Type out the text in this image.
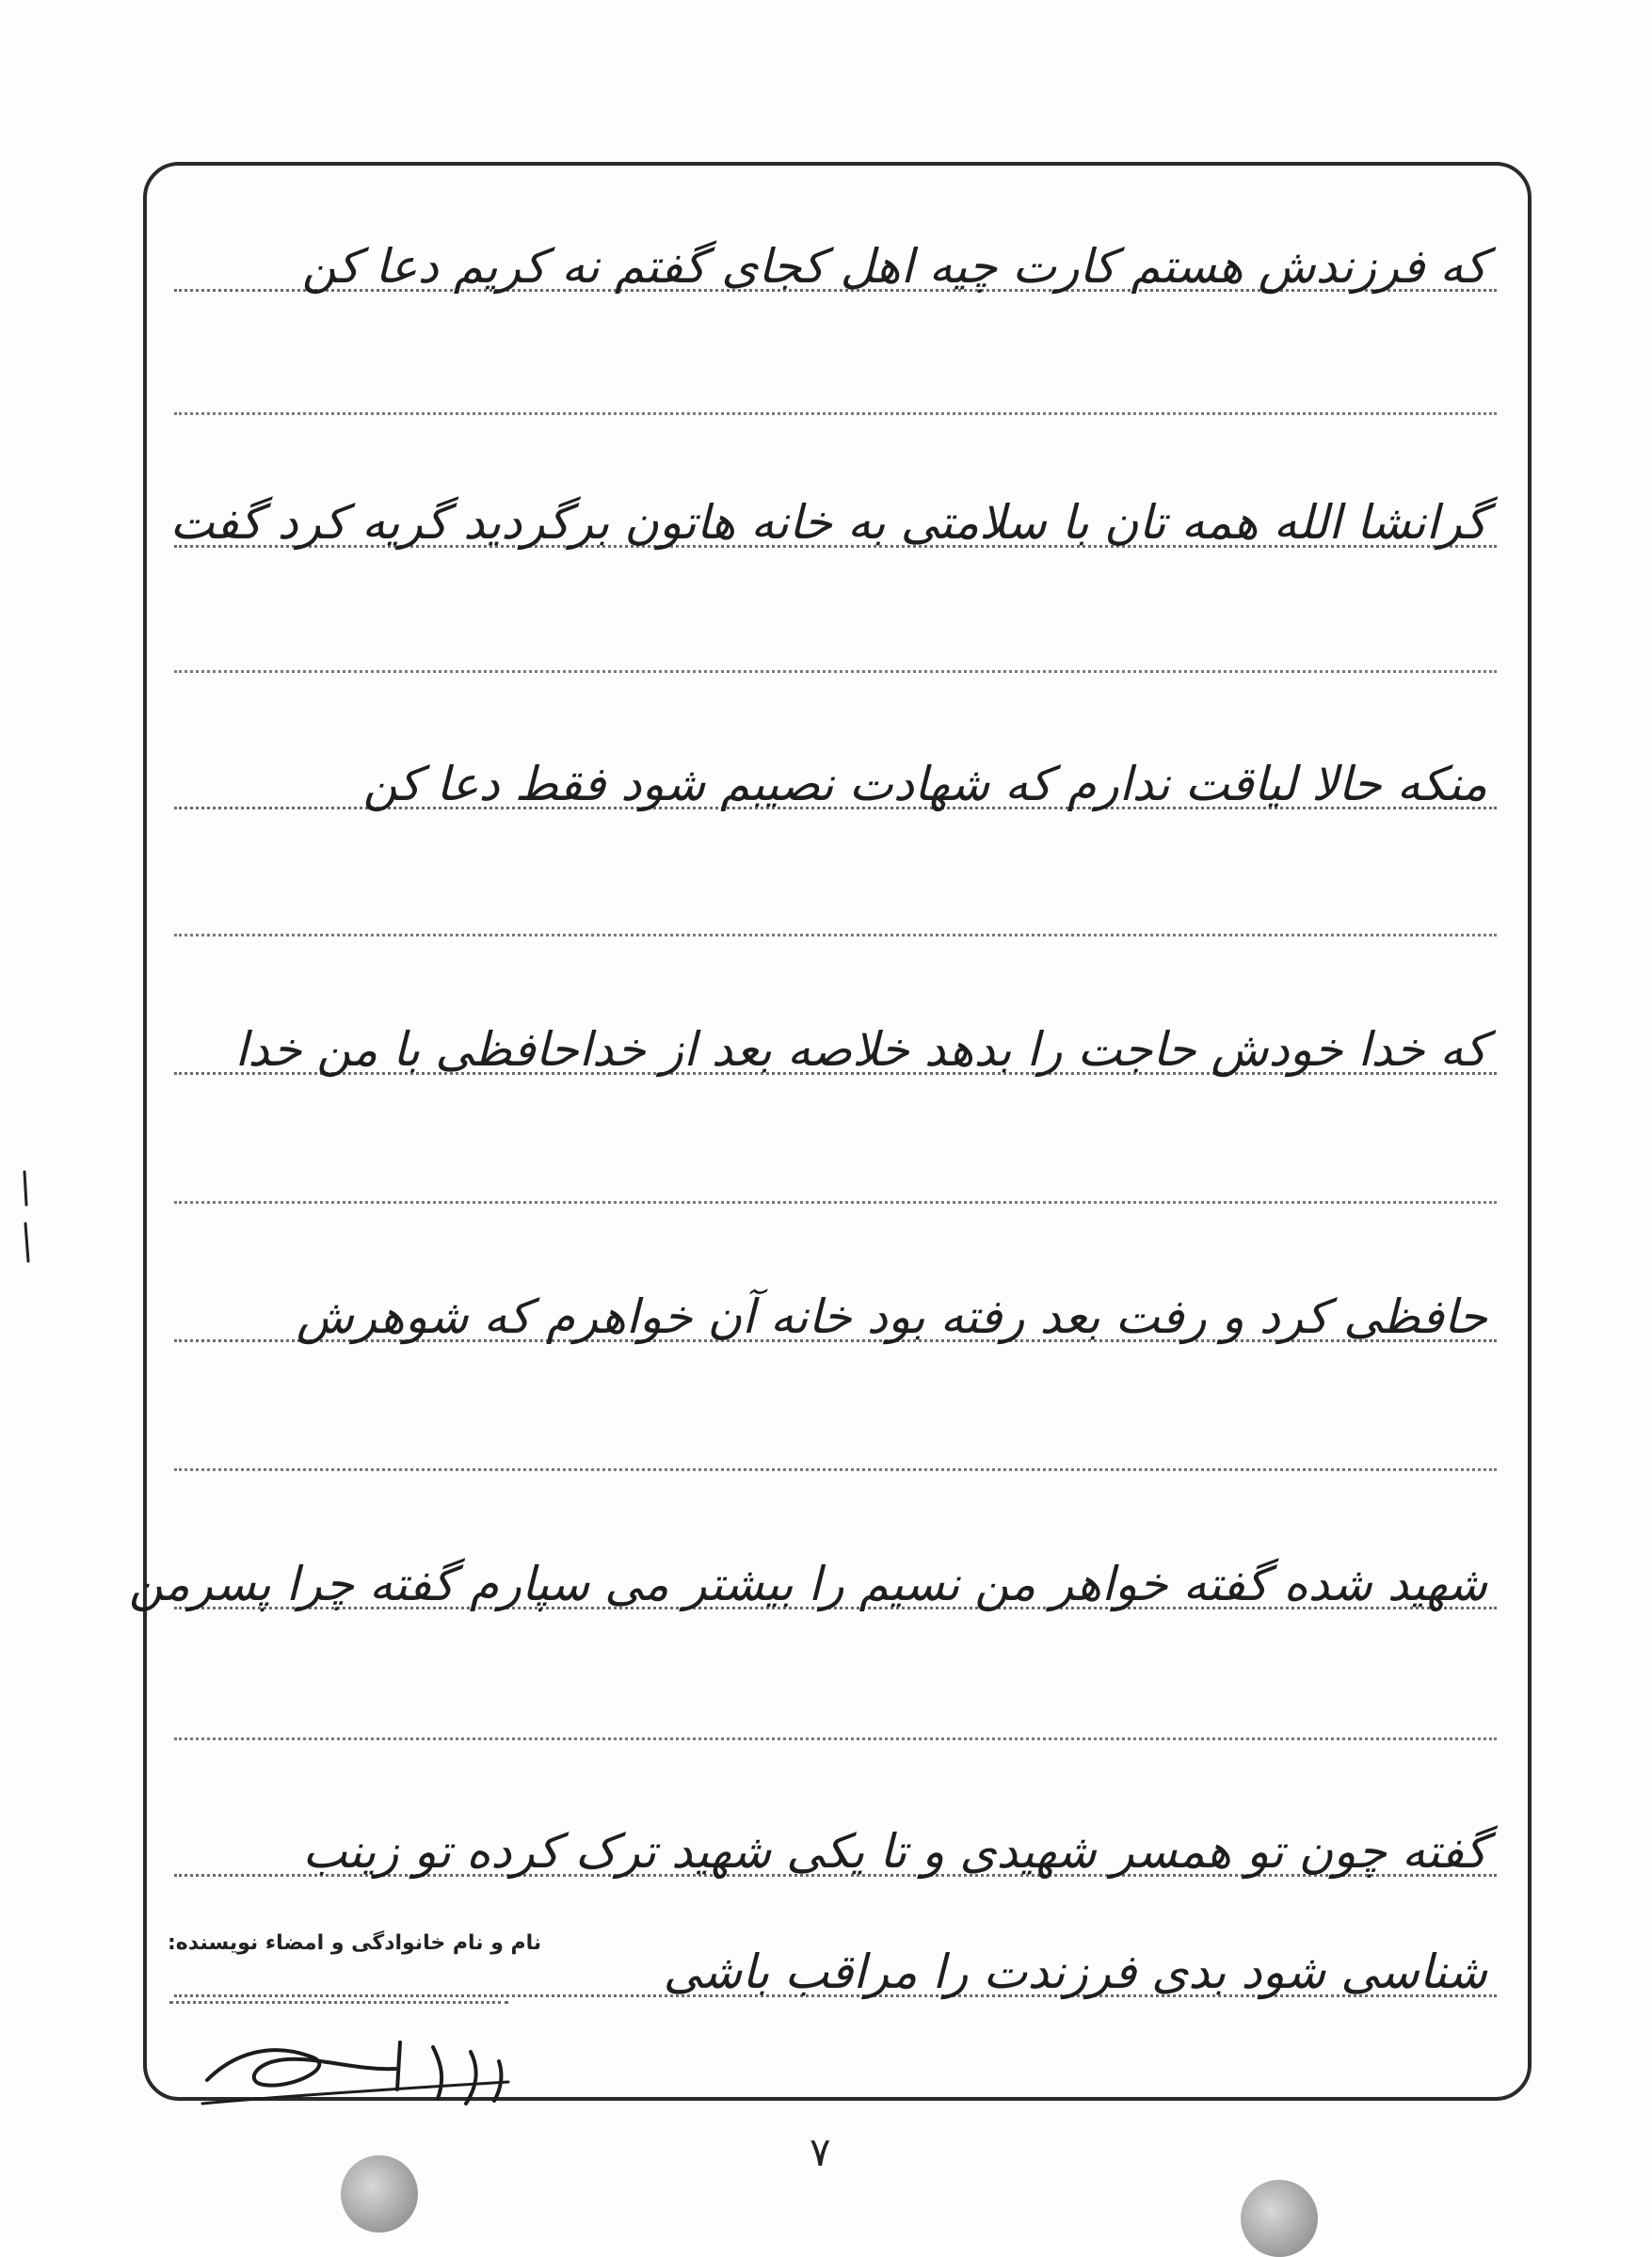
که فرزندش هستم کارت چیه اهل کجای گفتم نه کریم دعا کن
گرانشا الله همه تان با سلامتی به خانه هاتون برگردید گریه کرد گفت
منکه حالا لیاقت ندارم که شهادت نصیبم شود فقط دعا کن
که خدا خودش حاجت را بدهد خلاصه بعد از خداحافظی با من خدا
حافظی کرد و رفت بعد رفته بود خانه آن خواهرم که شوهرش
شهید شده گفته خواهر من نسیم را بیشتر می سپارم گفته چرا پسرمن
گفته چون تو همسر شهیدی و تا یکی شهید ترک کرده تو زینب
شناسی شود بدی فرزندت را مراقب باشی
نام و نام خانوادگی و امضاء نویسنده:
۷
